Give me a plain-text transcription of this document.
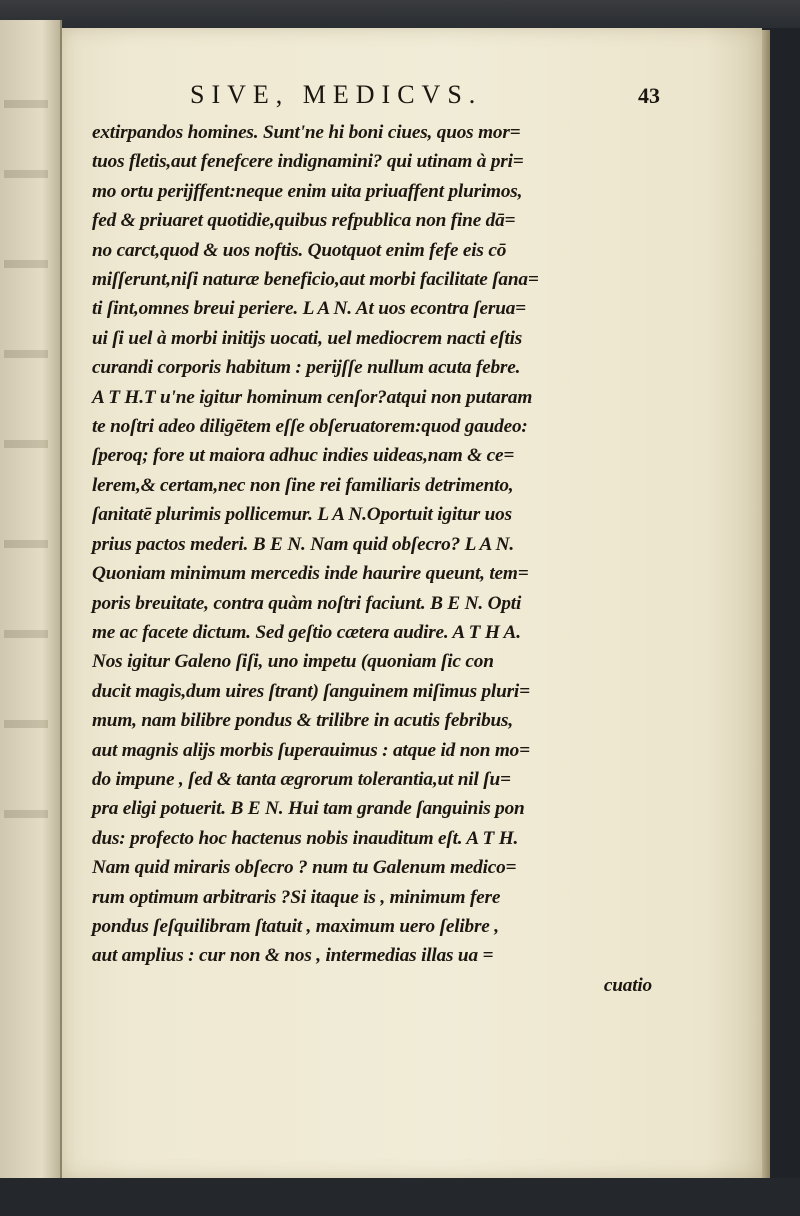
SIVE, MEDICVS.	43
extirpandos homines. Sunt'ne hi boni ciues, quos mor=
tuos fletis,aut fenefcere indignamini? qui utinam à pri=
mo ortu perijffent:neque enim uita priuaffent plurimos,
fed & priuaret quotidie,quibus refpublica non fine dā=
no carct,quod & uos noftis. Quotquot enim fefe eis cō
miſſerunt,niſi naturæ beneficio,aut morbi facilitate ſana=
ti ſint,omnes breui periere. L A N. At uos econtra ſerua=
ui ſi uel à morbi initijs uocati, uel mediocrem nacti eſtis
curandi corporis habitum : perijſſe nullum acuta febre.
A T H.T u'ne igitur hominum cenſor?atqui non putaram
te noſtri adeo diligētem eſſe obſeruatorem:quod gaudeo:
ſperoq; fore ut maiora adhuc indies uideas,nam & ce=
lerem,& certam,nec non ſine rei familiaris detrimento,
ſanitatē plurimis pollicemur. L A N.Oportuit igitur uos
prius pactos mederi. B E N. Nam quid obſecro? L A N.
Quoniam minimum mercedis inde haurire queunt, tem=
poris breuitate, contra quàm noſtri faciunt. B E N. Opti
me ac facete dictum. Sed geſtio cætera audire. A T H A.
Nos igitur Galeno ſiſi, uno impetu (quoniam ſic con
ducit magis,dum uires ſtrant) ſanguinem miſimus pluri=
mum, nam bilibre pondus & trilibre in acutis febribus,
aut magnis alijs morbis ſuperauimus : atque id non mo=
do impune , ſed & tanta ægrorum tolerantia,ut nil ſu=
pra eligi potuerit. B E N. Hui tam grande ſanguinis pon
dus: profecto hoc hactenus nobis inauditum eſt. A T H.
Nam quid miraris obſecro ? num tu Galenum medico=
rum optimum arbitraris ?Si itaque is , minimum fere
pondus ſeſquilibram ſtatuit , maximum uero ſelibre ,
aut amplius : cur non & nos , intermedias illas ua =
cuatio
